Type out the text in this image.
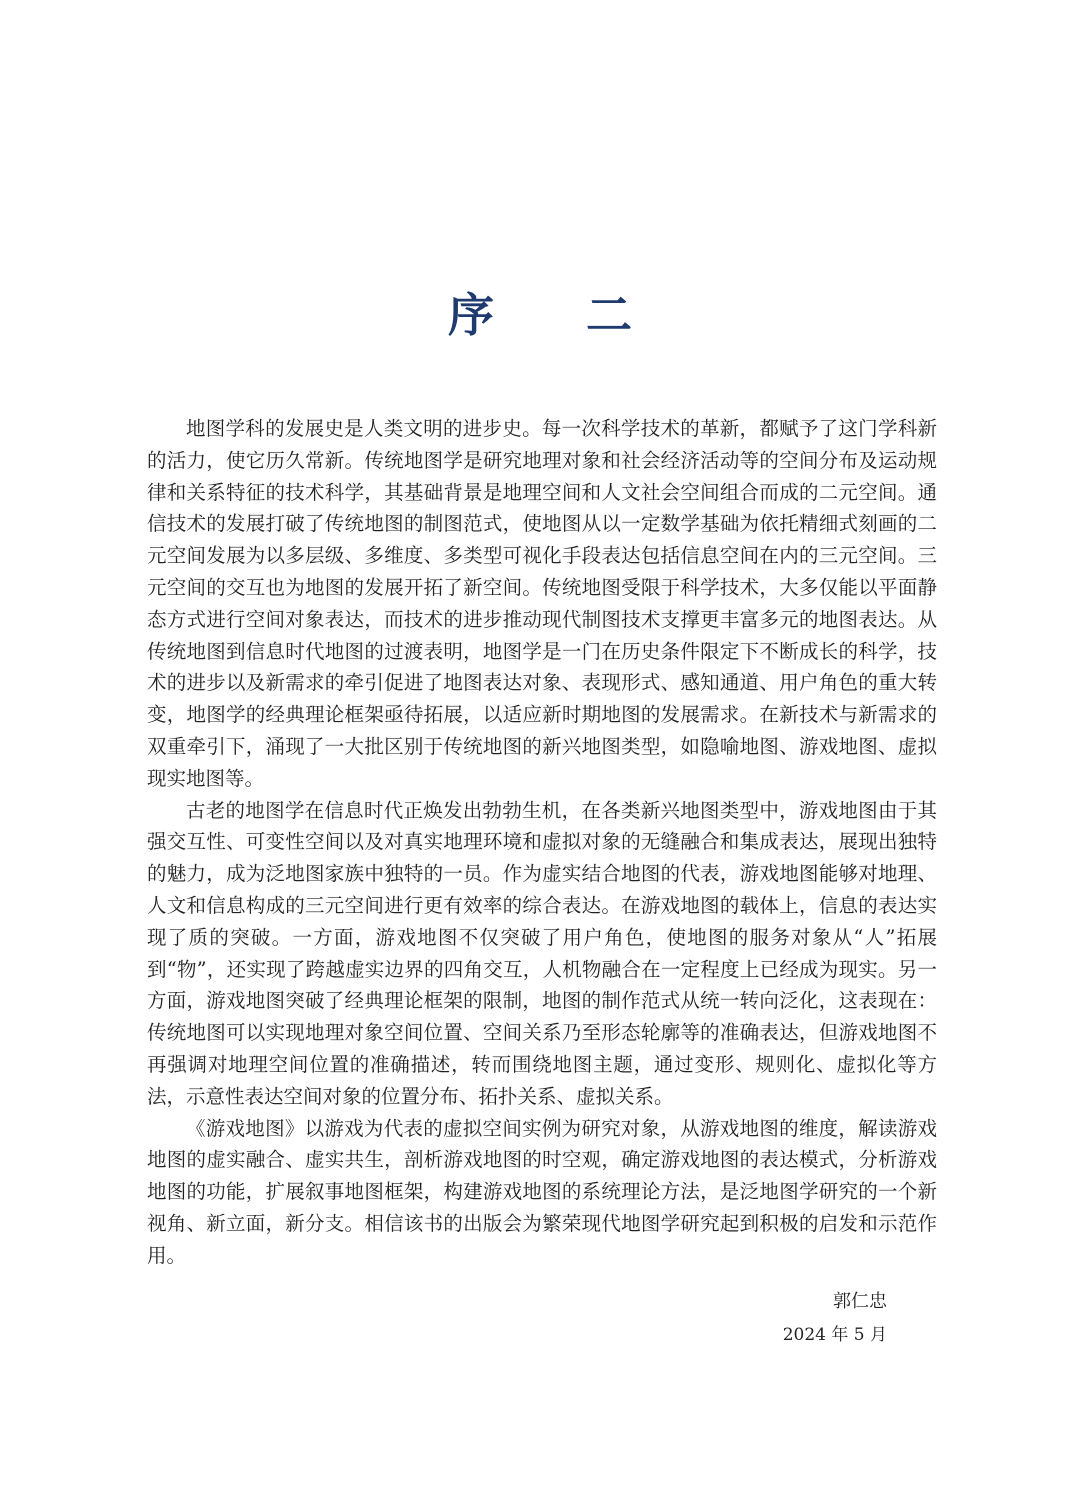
序 二

地图学科的发展史是人类文明的进步史。每一次科学技术的革新，都赋予了这门学科新的活力，使它历久常新。传统地图学是研究地理对象和社会经济活动等的空间分布及运动规律和关系特征的技术科学，其基础背景是地理空间和人文社会空间组合而成的二元空间。通信技术的发展打破了传统地图的制图范式，使地图从以一定数学基础为依托精细式刻画的二元空间发展为以多层级、多维度、多类型可视化手段表达包括信息空间在内的三元空间。三元空间的交互也为地图的发展开拓了新空间。传统地图受限于科学技术，大多仅能以平面静态方式进行空间对象表达，而技术的进步推动现代制图技术支撑更丰富多元的地图表达。从传统地图到信息时代地图的过渡表明，地图学是一门在历史条件限定下不断成长的科学，技术的进步以及新需求的牵引促进了地图表达对象、表现形式、感知通道、用户角色的重大转变，地图学的经典理论框架亟待拓展，以适应新时期地图的发展需求。在新技术与新需求的双重牵引下，涌现了一大批区别于传统地图的新兴地图类型，如隐喻地图、游戏地图、虚拟现实地图等。

古老的地图学在信息时代正焕发出勃勃生机，在各类新兴地图类型中，游戏地图由于其强交互性、可变性空间以及对真实地理环境和虚拟对象的无缝融合和集成表达，展现出独特的魅力，成为泛地图家族中独特的一员。作为虚实结合地图的代表，游戏地图能够对地理、人文和信息构成的三元空间进行更有效率的综合表达。在游戏地图的载体上，信息的表达实现了质的突破。一方面，游戏地图不仅突破了用户角色，使地图的服务对象从“人”拓展到“物”，还实现了跨越虚实边界的四角交互，人机物融合在一定程度上已经成为现实。另一方面，游戏地图突破了经典理论框架的限制，地图的制作范式从统一转向泛化，这表现在：传统地图可以实现地理对象空间位置、空间关系乃至形态轮廓等的准确表达，但游戏地图不再强调对地理空间位置的准确描述，转而围绕地图主题，通过变形、规则化、虚拟化等方法，示意性表达空间对象的位置分布、拓扑关系、虚拟关系。

《游戏地图》以游戏为代表的虚拟空间实例为研究对象，从游戏地图的维度，解读游戏地图的虚实融合、虚实共生，剖析游戏地图的时空观，确定游戏地图的表达模式，分析游戏地图的功能，扩展叙事地图框架，构建游戏地图的系统理论方法，是泛地图学研究的一个新视角、新立面，新分支。相信该书的出版会为繁荣现代地图学研究起到积极的启发和示范作用。

郭仁忠
2024 年 5 月
